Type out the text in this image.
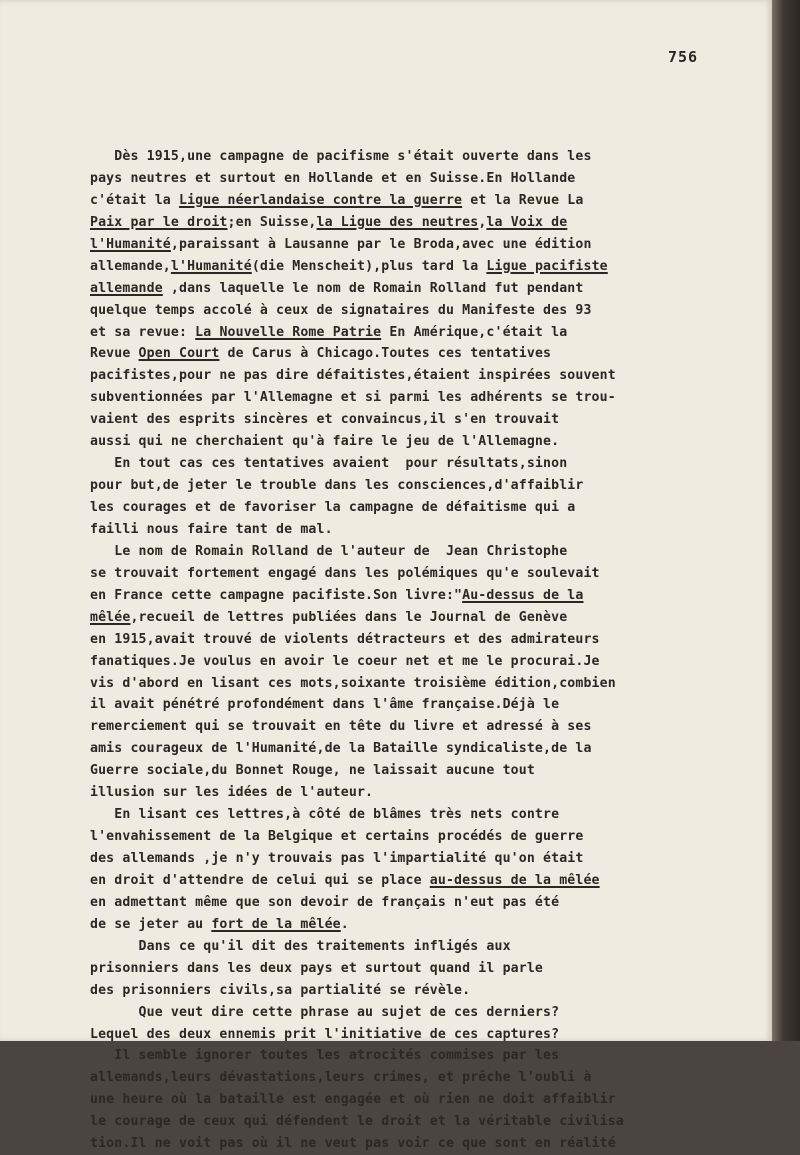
756
Dès 1915,une campagne de pacifisme s'était ouverte dans les
pays neutres et surtout en Hollande et en Suisse.En Hollande
c'était la Ligue néerlandaise contre la guerre et la Revue La
Paix par le droit;en Suisse,la Ligue des neutres,la Voix de
l'Humanité,paraissant à Lausanne par le Broda,avec une édition
allemande,l'Humanité(die Menscheit),plus tard la Ligue pacifiste
allemande ,dans laquelle le nom de Romain Rolland fut pendant
quelque temps accolé à ceux de signataires du Manifeste des 93
et sa revue: La Nouvelle Rome Patrie En Amérique,c'était la
Revue Open Court de Carus à Chicago.Toutes ces tentatives
pacifistes,pour ne pas dire défaitistes,étaient inspirées souvent
subventionnées par l'Allemagne et si parmi les adhérents se trou-
vaient des esprits sincères et convaincus,il s'en trouvait
aussi qui ne cherchaient qu'à faire le jeu de l'Allemagne.
En tout cas ces tentatives avaient  pour résultats,sinon
pour but,de jeter le trouble dans les consciences,d'affaiblir
les courages et de favoriser la campagne de défaitisme qui a
failli nous faire tant de mal.
Le nom de Romain Rolland de l'auteur de  Jean Christophe
se trouvait fortement engagé dans les polémiques qu'e soulevait
en France cette campagne pacifiste.Son livre:"Au-dessus de la
mêlée,recueil de lettres publiées dans le Journal de Genève
en 1915,avait trouvé de violents détracteurs et des admirateurs
fanatiques.Je voulus en avoir le coeur net et me le procurai.Je
vis d'abord en lisant ces mots,soixante troisième édition,combien
il avait pénétré profondément dans l'âme française.Déjà le
remerciement qui se trouvait en tête du livre et adressé à ses
amis courageux de l'Humanité,de la Bataille syndicaliste,de la
Guerre sociale,du Bonnet Rouge, ne laissait aucune tout
illusion sur les idées de l'auteur.
En lisant ces lettres,à côté de blâmes très nets contre
l'envahissement de la Belgique et certains procédés de guerre
des allemands ,je n'y trouvais pas l'impartialité qu'on était
en droit d'attendre de celui qui se place au-dessus de la mêlée
en admettant même que son devoir de français n'eut pas été
de se jeter au fort de la mêlée.
Dans ce qu'il dit des traitements infligés aux
prisonniers dans les deux pays et surtout quand il parle
des prisonniers civils,sa partialité se révèle.
Que veut dire cette phrase au sujet de ces derniers?
Lequel des deux ennemis prit l'initiative de ces captures?
Il semble ignorer toutes les atrocités commises par les
allemands,leurs dévastations,leurs crimes, et prêche l'oubli à
une heure où la bataille est engagée et où rien ne doit affaiblir
le courage de ceux qui défendent le droit et la véritable civilisa
tion.Il ne voit pas où il ne veut pas voir ce que sont en réalité
